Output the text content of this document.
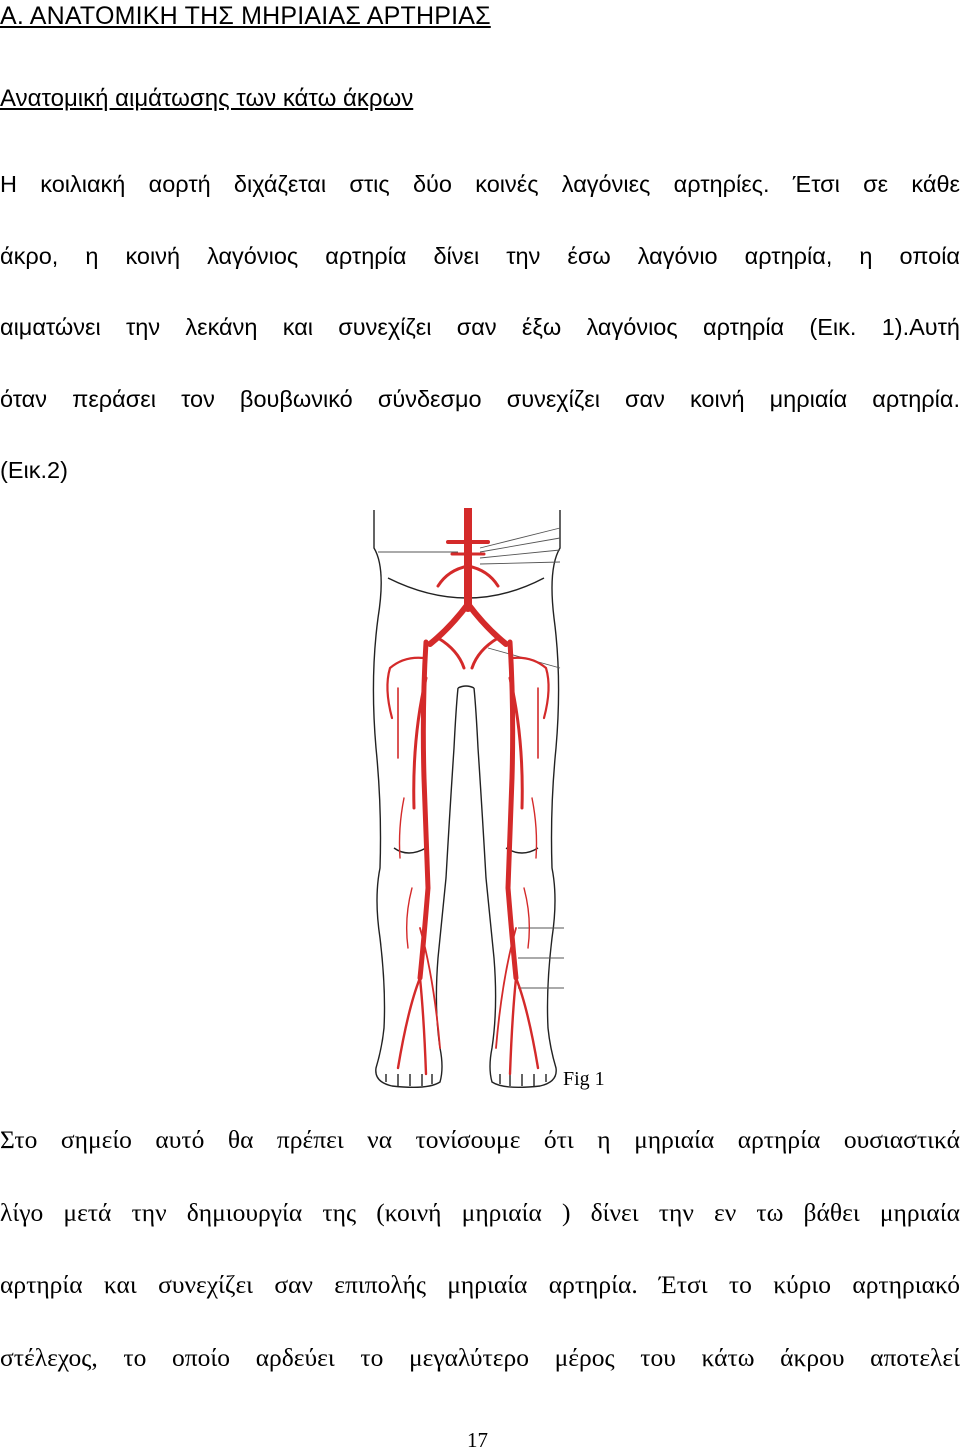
Α. ΑΝΑΤΟΜΙΚΗ ΤΗΣ ΜΗΡΙΑΙΑΣ ΑΡΤΗΡΙΑΣ
Ανατομική αιμάτωσης των κάτω άκρων
Η κοιλιακή αορτή διχάζεται στις δύο κοινές λαγόνιες αρτηρίες. Έτσι σε κάθε
άκρο, η κοινή λαγόνιος αρτηρία δίνει την έσω λαγόνιο αρτηρία, η οποία
αιματώνει την λεκάνη και συνεχίζει σαν έξω λαγόνιος αρτηρία (Εικ. 1).Αυτή
όταν περάσει τον βουβωνικό σύνδεσμο συνεχίζει σαν κοινή μηριαία αρτηρία.
(Εικ.2)
Fig 1
Στο σημείο αυτό θα πρέπει να τονίσουμε ότι η μηριαία αρτηρία ουσιαστικά
λίγο μετά την δημιουργία της (κοινή μηριαία ) δίνει την εν τω βάθει μηριαία
αρτηρία και συνεχίζει σαν επιπολής μηριαία αρτηρία. Έτσι το κύριο αρτηριακό
στέλεχος, το οποίο αρδεύει το μεγαλύτερο μέρος του κάτω άκρου αποτελεί
17
